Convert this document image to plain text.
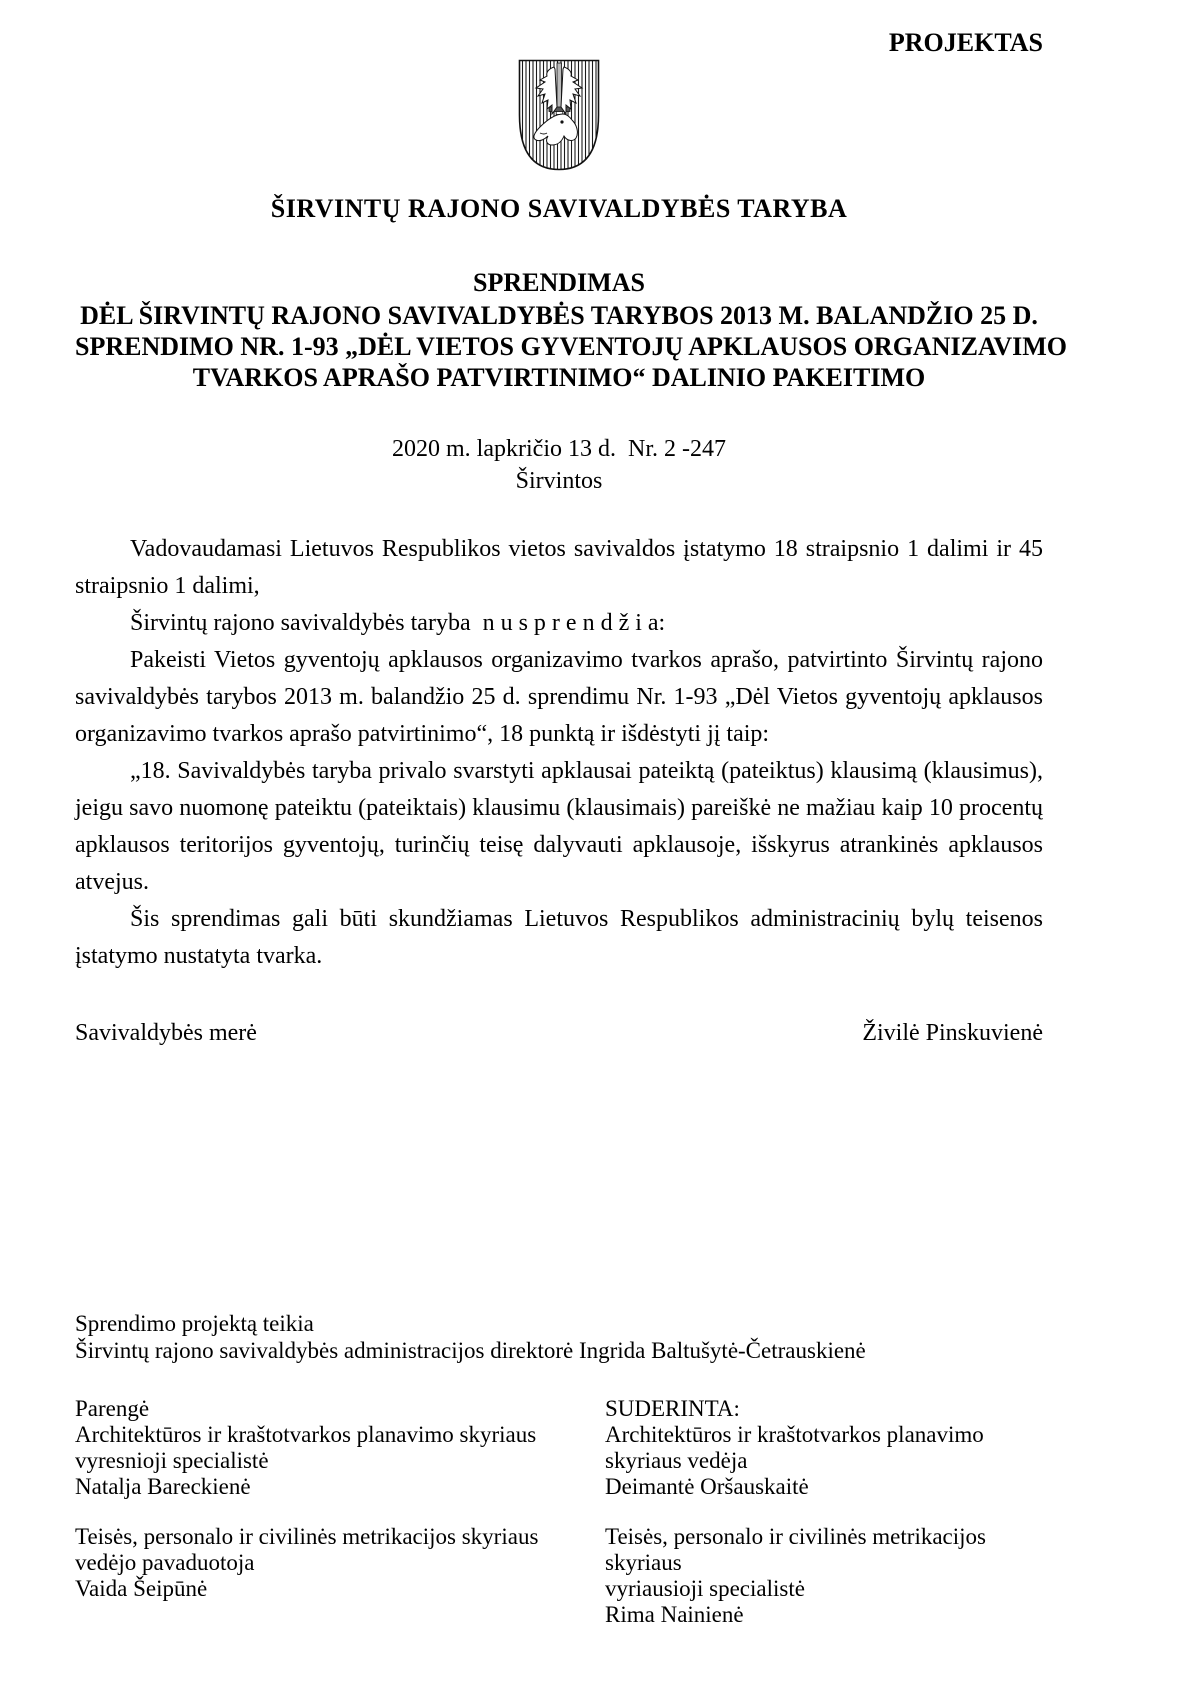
PROJEKTAS
ŠIRVINTŲ RAJONO SAVIVALDYBĖS TARYBA
SPRENDIMAS
DĖL ŠIRVINTŲ RAJONO SAVIVALDYBĖS TARYBOS 2013 M. BALANDŽIO 25 D.
SPRENDIMO NR. 1-93 „DĖL VIETOS GYVENTOJŲ APKLAUSOS ORGANIZAVIMO
TVARKOS APRAŠO PATVIRTINIMO“ DALINIO PAKEITIMO
2020 m. lapkričio 13 d.  Nr. 2 -247
Širvintos

Vadovaudamasi Lietuvos Respublikos vietos savivaldos įstatymo 18 straipsnio 1 dalimi ir 45 straipsnio 1 dalimi,

Širvintų rajono savivaldybės taryba  n u s p r e n d ž i a:

Pakeisti Vietos gyventojų apklausos organizavimo tvarkos aprašo, patvirtinto Širvintų rajono savivaldybės tarybos 2013 m. balandžio 25 d. sprendimu Nr. 1-93 „Dėl Vietos gyventojų apklausos organizavimo tvarkos aprašo patvirtinimo“, 18 punktą ir išdėstyti jį taip:

„18. Savivaldybės taryba privalo svarstyti apklausai pateiktą (pateiktus) klausimą (klausimus), jeigu savo nuomonę pateiktu (pateiktais) klausimu (klausimais) pareiškė ne mažiau kaip 10 procentų apklausos teritorijos gyventojų, turinčių teisę dalyvauti apklausoje, išskyrus atrankinės apklausos atvejus.

Šis sprendimas gali būti skundžiamas Lietuvos Respublikos administracinių bylų teisenos įstatymo nustatyta tvarka.

Savivaldybės merė	Živilė Pinskuvienė
Sprendimo projektą teikia
Širvintų rajono savivaldybės administracijos direktorė Ingrida Baltušytė-Četrauskienė
Parengė
Architektūros ir kraštotvarkos planavimo skyriaus
vyresnioji specialistė
Natalja Bareckienė
SUDERINTA:
Architektūros ir kraštotvarkos planavimo skyriaus vedėja
Deimantė Oršauskaitė
Teisės, personalo ir civilinės metrikacijos skyriaus
vedėjo pavaduotoja
Vaida Šeipūnė
Teisės, personalo ir civilinės metrikacijos skyriaus
vyriausioji specialistė
Rima Nainienė
